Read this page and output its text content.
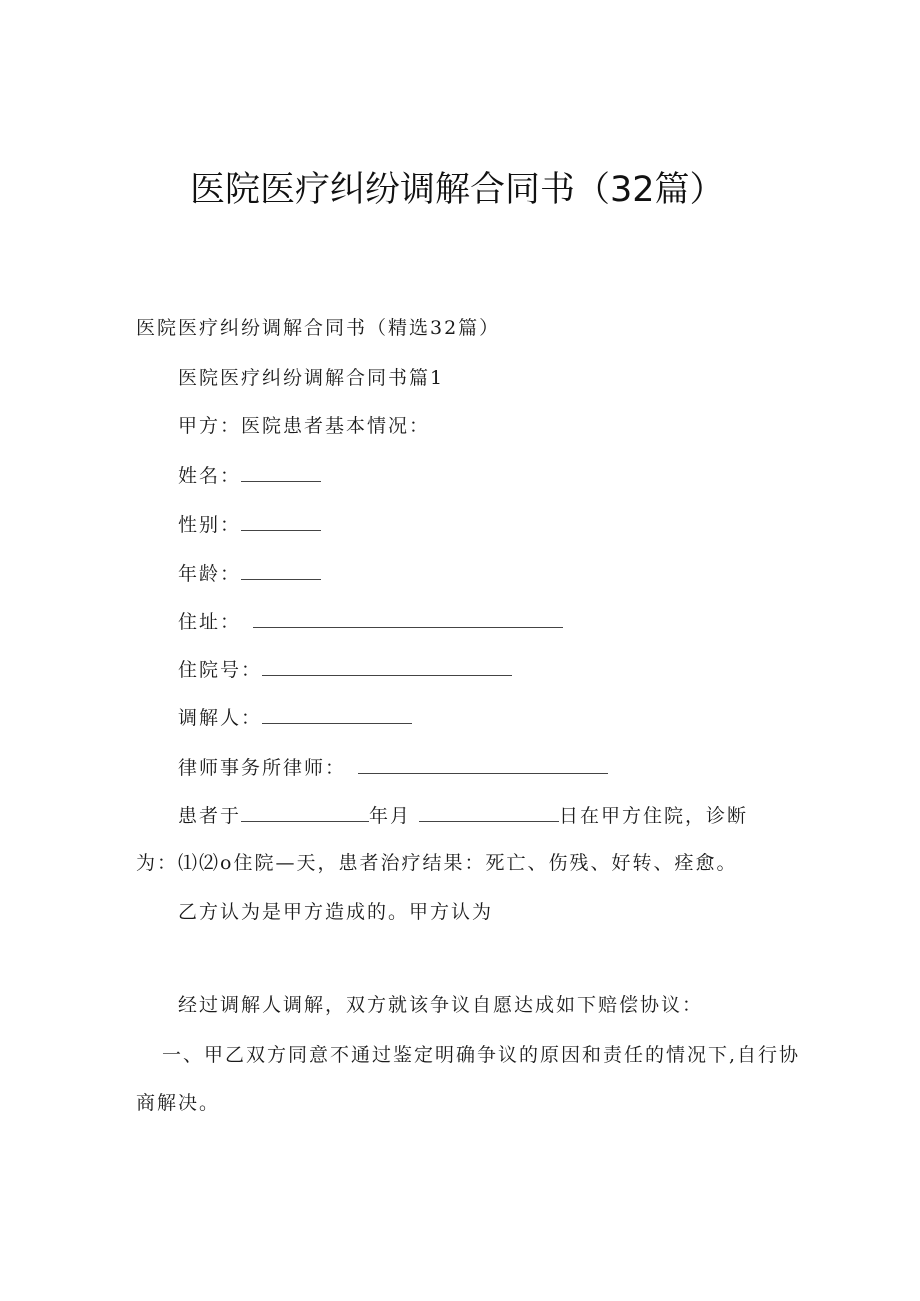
医院医疗纠纷调解合同书（32篇）
医院医疗纠纷调解合同书（精选32篇）
医院医疗纠纷调解合同书篇1
甲方：医院患者基本情况：
姓名：
性别：
年龄：
住址：
住院号：
调解人：
律师事务所律师：
患者于	年月	日在甲方住院，诊断
为：⑴⑵o住院—天，患者治疗结果：死亡、伤残、好转、痊愈。
乙方认为是甲方造成的。甲方认为
经过调解人调解，双方就该争议自愿达成如下赔偿协议：
一、甲乙双方同意不通过鉴定明确争议的原因和责任的情况下,自行协
商解决。
